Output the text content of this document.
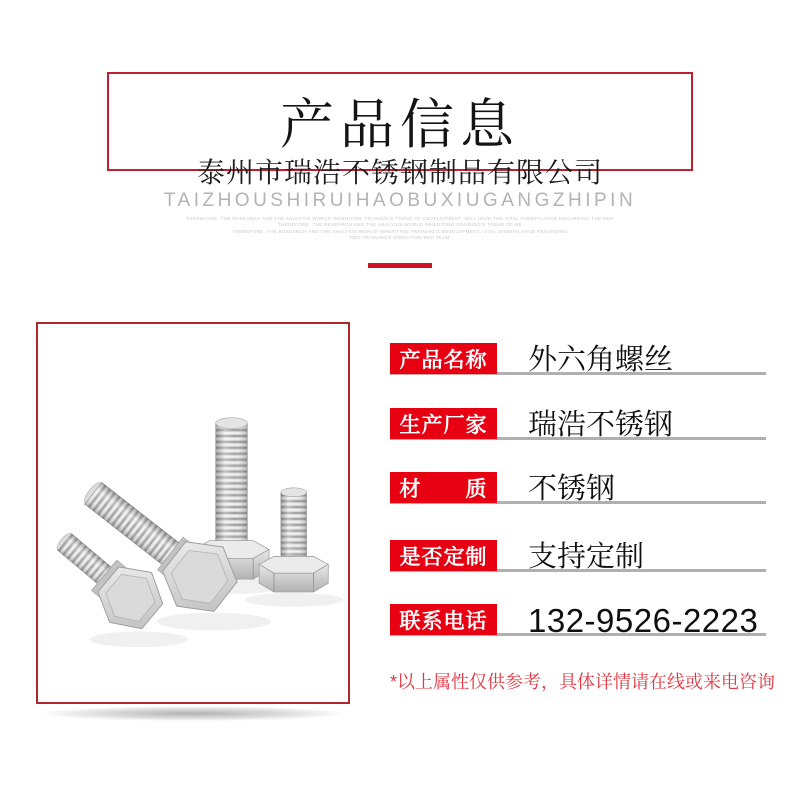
产品信息
泰州市瑞浩不锈钢制品有限公司
TAIZHOUSHIRUIHAOBUXIUGANGZHIPIN
THEREFORE, THE RESEARCH AND THE ANALYSIS WORLD INHERITING TRAINING'S TREND OF DEVELOPMENT, WILL HAVE THE VITAL SIGNIFICANCE REGARDING THE RED
THEREFORE, THE RESEARCH AND THE ANALYSIS WORLD INHERITING TRAINING'S TREND OF RE
THEREFORE, THE RESEARCH AND THE ANALYSIS WORLD INHERITING TRAINING'S DEVELOPMENT, VITAL SIGNIFICANCE REGARDING
RED TRAINING'S DIRECTION RED TEAM
产品名称	外六角螺丝
生产厂家	瑞浩不锈钢
材　　质	不锈钢
是否定制	支持定制
联系电话 132-9526-2223
*以上属性仅供参考，具体详情请在线或来电咨询
